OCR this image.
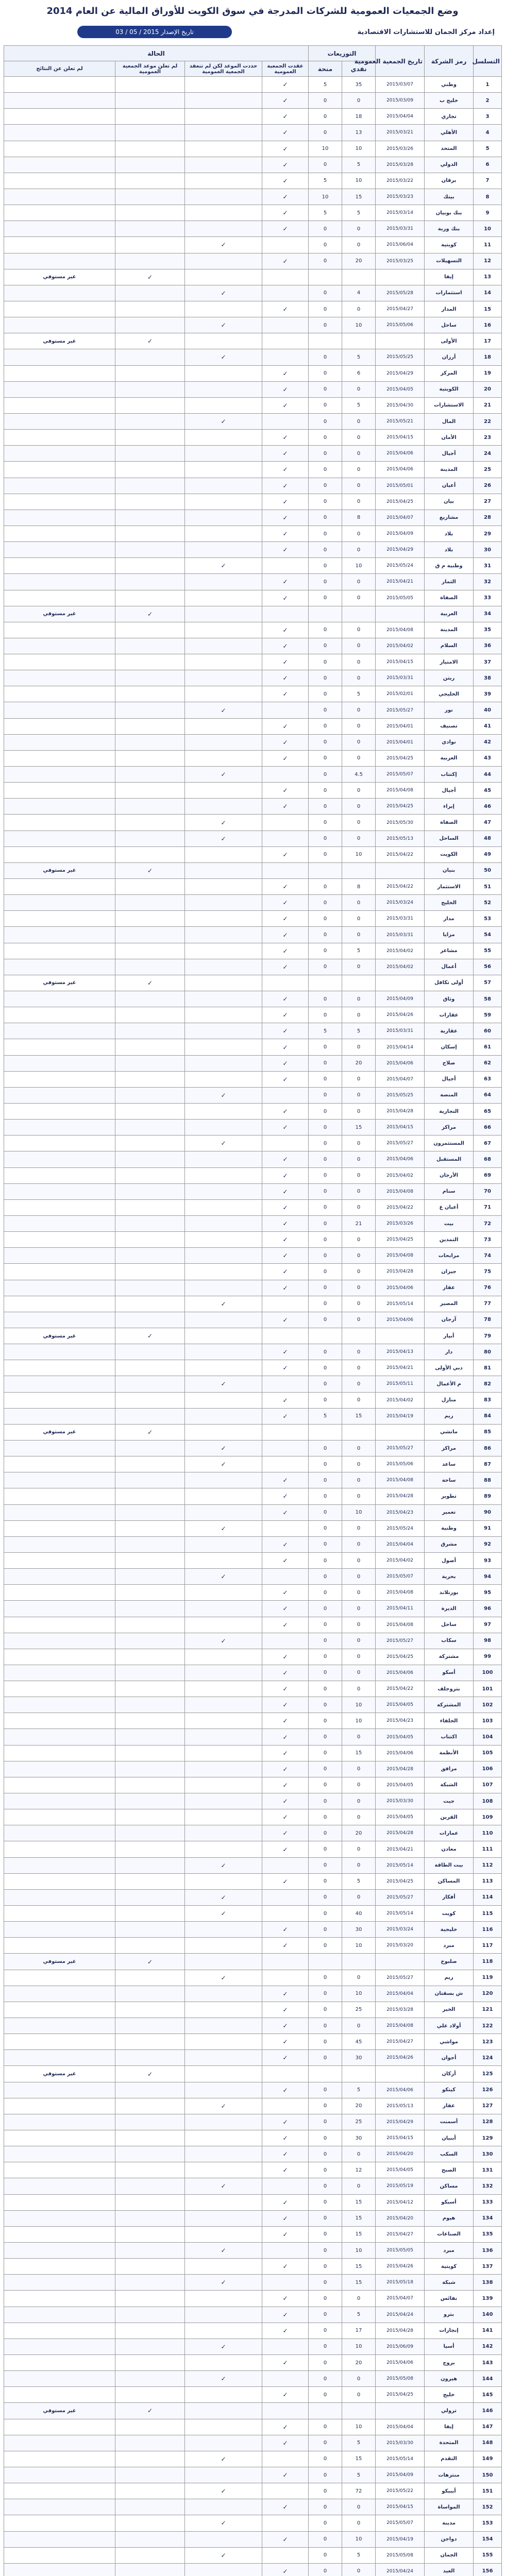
وضع الجمعيات العمومية للشركات المدرجة في سوق الكويت للأوراق المالية عن العام 2014
إعداد مركز الجمان للاستشارات الاقتصادية
تاريخ الإصدار 2015 / 05 / 03
التسلسل	رمز الشركة	تاريخ الجمعية العمومية	التوزيعات		الحالة			
			نقدي	منحة	عقدت الجمعية العمومية	حددت الموعد لكن لم تنعقد الجمعية العمومية	لم تعلن موعد الجمعية العمومية	لم تعلن عن النتائج
1	وطني	2015/03/07	35	5	✓			
2	خليج ب	2015/03/09	0	0	✓			
3	تجاري	2015/04/04	18	0	✓			
4	الأهلي	2015/03/21	13	0	✓			
5	المتحد	2015/03/26	10	10	✓			
6	الدولي	2015/03/28	5	0	✓			
7	برقان	2015/03/22	10	5	✓			
8	بيتك	2015/03/23	15	10	✓			
9	بنك بوبيان	2015/03/14	5	5	✓			
10	بنك وربة	2015/03/31	0	0	✓			
11	كويتية	2015/06/04	0	0		✓		
12	التسهيلات	2015/03/25	20	0	✓			
13	إيفا						✓	غير مستوفي
14	استثمارات	2015/05/28	4	0		✓		
15	المدار	2015/04/27	0	0	✓			
16	ساحل	2015/05/06	10	0		✓		
17	الأولى						✓	غير مستوفي
18	أرزان	2015/05/25	5	0		✓		
19	المركز	2015/04/29	6	0	✓			
20	الكويتية	2015/04/05	0	0	✓			
21	الاستشارات	2015/04/30	5	0	✓			
22	المال	2015/05/21	0	0		✓		
23	الأمان	2015/04/15	0	0	✓			
24	آجيال	2015/04/06	0	0	✓			
25	المدينة	2015/04/06	0	0	✓			
26	أعيان	2015/05/01	0	0	✓			
27	بيان	2015/04/25	0	0	✓			
28	مشاريع	2015/04/07	8	0	✓			
29	بلاد	2015/04/09	0	0	✓			
30	بلاد	2015/04/29	0	0	✓			
31	وطنية م ق	2015/05/24	10	0		✓		
32	الثمار	2015/04/21	0	0	✓			
33	الصفاة	2015/05/05	0	0	✓			
34	العربية						✓	غير مستوفي
35	المدينة	2015/04/08	0	0	✓			
36	السلام	2015/04/02	0	0	✓			
37	الامتياز	2015/04/15	0	0	✓			
38	ريتن	2015/03/31	0	0	✓			
39	الخليجي	2015/02/01	5	0	✓			
40	نور	2015/05/27	0	0		✓		
41	تصنيف	2015/04/01	0	0	✓			
42	نوادي	2015/04/01	0	0	✓			
43	العربية	2015/04/25	0	0	✓			
44	إكتتاب	2015/05/07	4.5	0		✓		
45	آجيال	2015/04/08	0	0	✓			
46	إبراء	2015/04/25	0	0	✓			
47	الصفاة	2015/05/30	0	0		✓		
48	الساحل	2015/05/13	0	0		✓		
49	الكويت	2015/04/22	10	0	✓			
50	بنيان						✓	غير مستوفي
51	الاستثمار	2015/04/22	8	0	✓			
52	الخليج	2015/03/24	0	0	✓			
53	مدار	2015/03/31	0	0	✓			
54	مزايا	2015/03/31	0	0	✓			
55	مشاعر	2015/04/02	5	0	✓			
56	أعمال	2015/04/02	0	0	✓			
57	أولى تكافل						✓	غير مستوفي
58	وثاق	2015/04/09	0	0	✓			
59	عقارات	2015/04/26	0	0	✓			
60	عقارية	2015/03/31	5	5	✓			
61	إسكان	2015/04/14	0	0	✓			
62	صلاح	2015/04/06	20	0	✓			
63	أجيال	2015/04/07	0	0	✓			
64	المنصة	2015/05/25	0	0		✓		
65	التجارية	2015/04/28	0	0	✓			
66	مراكز	2015/04/15	15	0	✓			
67	المستثمرون	2015/05/27	0	0		✓		
68	المستقبل	2015/04/06	0	0	✓			
69	الأرجان	2015/04/02	0	0	✓			
70	سنام	2015/04/08	0	0	✓			
71	أعيان ع	2015/04/22	0	0	✓			
72	بيت	2015/03/26	21	0	✓			
73	التمدين	2015/04/25	0	0	✓			
74	مرابحات	2015/04/08	0	0	✓			
75	جيزان	2015/04/28	0	0	✓			
76	عقار	2015/04/06	0	0	✓			
77	المصير	2015/05/14	0	0		✓		
78	آرجان	2015/04/06	0	0	✓			
79	أبيار						✓	غير مستوفي
80	دار	2015/04/13	0	0	✓			
81	دبي الأولى	2015/04/21	0	0	✓			
82	م الأعمال	2015/05/11	0	0		✓		
83	منازل	2015/04/02	0	0	✓			
84	ريم	2015/04/19	15	5	✓			
85	ماتشي						✓	غير مستوفي
86	مراكز	2015/05/27	0	0		✓		
87	ساعد	2015/05/06	0	0		✓		
88	ساحة	2015/04/08	0	0	✓			
89	تطوير	2015/04/28	0	0	✓			
90	تعمير	2015/04/23	10	0	✓			
91	وطنية	2015/05/24	0	0		✓		
92	مشرق	2015/04/04	0	0	✓			
93	أصول	2015/04/02	0	0	✓			
94	بحرية	2015/05/07	0	0		✓		
95	بورتلاند	2015/04/08	0	0	✓			
96	الديرة	2015/04/11	0	0	✓			
97	ساحل	2015/04/08	0	0	✓			
98	سكاب	2015/05/27	0	0		✓		
99	مشتركة	2015/04/25	0	0	✓			
100	أسكو	2015/04/06	0	0	✓			
101	بتروجلف	2015/04/22	0	0	✓			
102	المشتركة	2015/04/05	10	0	✓			
103	الخلفاء	2015/04/23	10	0	✓			
104	اكتتاب	2015/04/05	0	0	✓			
105	الأنظمة	2015/04/06	15	0	✓			
106	مرافق	2015/04/28	0	0	✓			
107	الشبكة	2015/04/05	0	0	✓			
108	جيت	2015/03/30	0	0	✓			
109	القرين	2015/04/05	0	0	✓			
110	عمارات	2015/04/28	20	0	✓			
111	معادن	2015/04/21	0	0	✓			
112	بيت الطاقة	2015/05/14	0	0		✓		
113	المساكن	2015/04/25	5	0	✓			
114	أفكار	2015/05/27	0	0		✓		
115	كويت	2015/05/14	40	0		✓		
116	خليجية	2015/03/24	30	0	✓			
117	مبرد	2015/03/20	10	0	✓			
118	صلبوخ						✓	غير مستوفي
119	ريم	2015/05/27	0	0		✓		
120	ش بسقتان	2015/04/04	10	0	✓			
121	الخير	2015/03/28	25	0	✓			
122	أولاد علي	2015/04/08	0	0	✓			
123	مواشي	2015/04/27	45	0	✓			
124	أجوان	2015/04/26	30	0	✓			
125	أركان						✓	غير مستوفي
126	كيتكو	2015/04/06	5	0	✓			
127	عقار	2015/05/13	20	0		✓		
128	أسمنت	2015/04/29	25	0	✓			
129	أبنيان	2015/04/15	30	0	✓			
130	السكب	2015/04/20	0	0	✓			
131	الصبح	2015/04/05	12	0	✓			
132	مساكن	2015/05/19	0	0		✓		
133	أسيكو	2015/04/12	15	0	✓			
134	هيوم	2015/04/20	15	0	✓			
135	الصناعات	2015/04/27	15	0	✓			
136	مبرد	2015/05/05	10	0		✓		
137	كويتية	2015/04/26	15	0	✓			
138	شبكة	2015/05/18	15	0		✓		
139	نفائس	2015/04/07	0	0	✓			
140	بترو	2015/04/24	5	0	✓			
141	إنجازات	2015/04/28	17	0	✓			
142	أسيا	2015/06/09	10	0		✓		
143	بروج	2015/04/06	20	0	✓			
144	هيرون	2015/05/08	0	0		✓		
145	خليج	2015/04/25	0	0	✓			
146	ترولي						✓	غير مستوفي
147	إيفا	2015/04/04	10	0	✓			
148	المتحدة	2015/03/30	5	0	✓			
149	التقدم	2015/05/14	15	0		✓		
150	منتزهات	2015/04/09	5	0	✓			
151	أيبيكو	2015/05/22	72	0		✓		
152	المواساة	2015/04/15	0	0	✓			
153	مدينة	2015/05/07	0	0		✓		
154	دواجن	2015/04/19	10	0	✓			
155	الجمان	2015/05/08	5	0		✓		
156	العيد	2015/04/24	0	0	✓			
